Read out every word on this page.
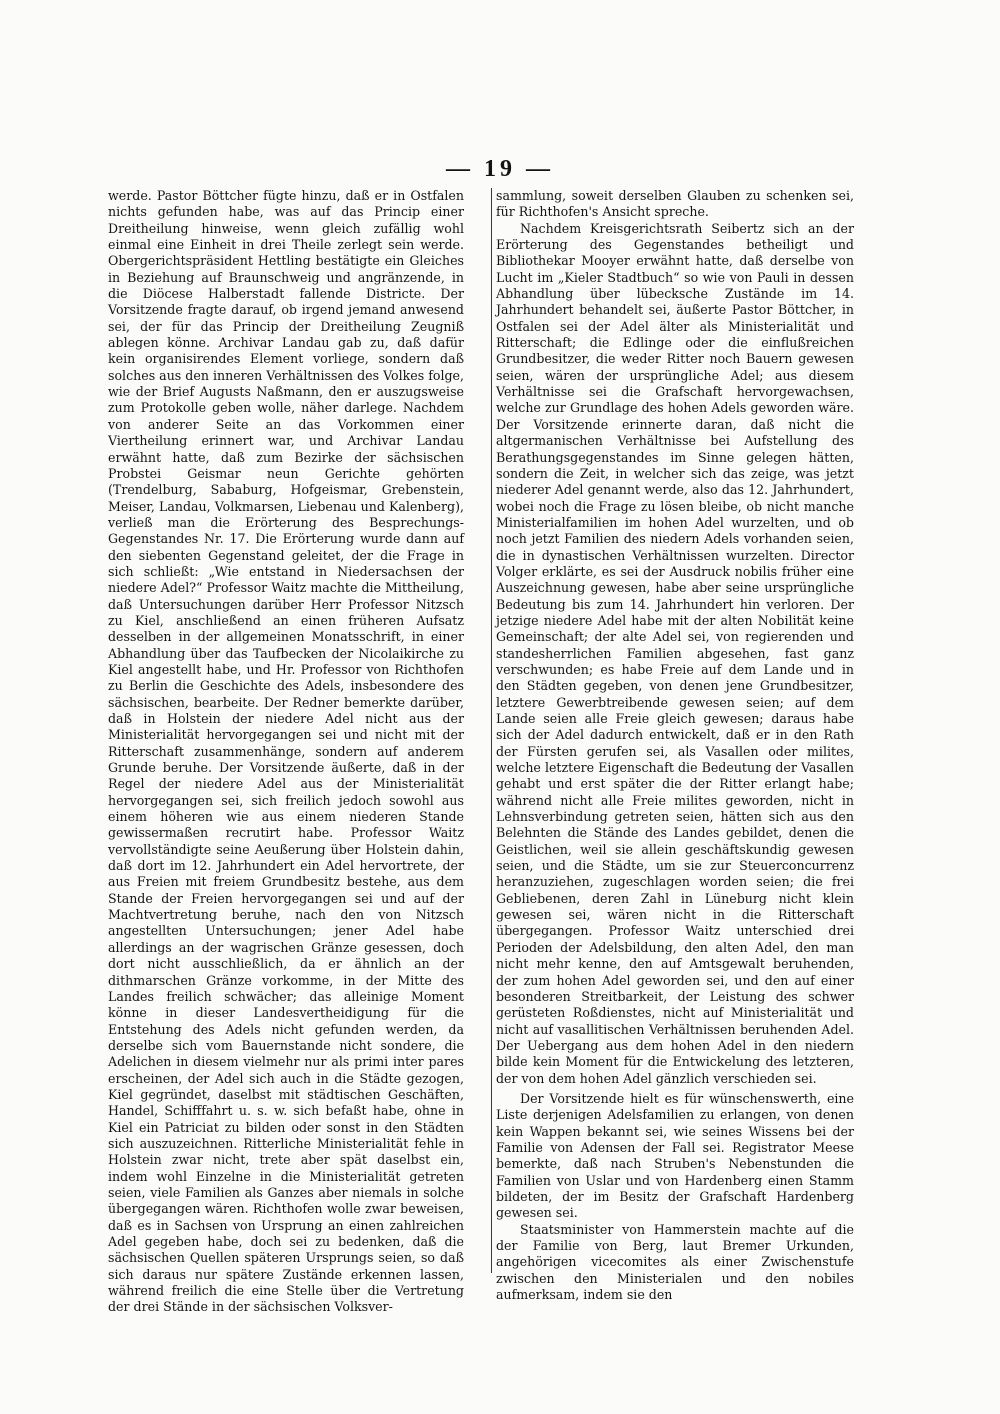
— 19 —

werde. Pastor Böttcher fügte hinzu, daß er in Ostfalen nichts gefunden habe, was auf das Princip einer Dreitheilung hinweise, wenn gleich zufällig wohl einmal eine Einheit in drei Theile zerlegt sein werde. Obergerichtspräsident Hettling bestätigte ein Gleiches in Beziehung auf Braunschweig und angränzende, in die Diöcese Halberstadt fallende Districte. Der Vorsitzende fragte darauf, ob irgend jemand anwesend sei, der für das Princip der Dreitheilung Zeugniß ablegen könne. Archivar Landau gab zu, daß dafür kein organisirendes Element vorliege, sondern daß solches aus den inneren Verhältnissen des Volkes folge, wie der Brief Augusts Naßmann, den er auszugsweise zum Protokolle geben wolle, näher darlege. Nachdem von anderer Seite an das Vorkommen einer Viertheilung erinnert war, und Archivar Landau erwähnt hatte, daß zum Bezirke der sächsischen Probstei Geismar neun Gerichte gehörten (Trendelburg, Sababurg, Hofgeismar, Grebenstein, Meiser, Landau, Volkmarsen, Liebenau und Kalenberg), verließ man die Erörterung des Besprechungs-Gegenstandes Nr. 17. Die Erörterung wurde dann auf den siebenten Gegenstand geleitet, der die Frage in sich schließt: „Wie entstand in Niedersachsen der niedere Adel?“ Professor Waitz machte die Mittheilung, daß Untersuchungen darüber Herr Professor Nitzsch zu Kiel, anschließend an einen früheren Aufsatz desselben in der allgemeinen Monatsschrift, in einer Abhandlung über das Taufbecken der Nicolaikirche zu Kiel angestellt habe, und Hr. Professor von Richthofen zu Berlin die Geschichte des Adels, insbesondere des sächsischen, bearbeite. Der Redner bemerkte darüber, daß in Holstein der niedere Adel nicht aus der Ministerialität hervorgegangen sei und nicht mit der Ritterschaft zusammenhänge, sondern auf anderem Grunde beruhe. Der Vorsitzende äußerte, daß in der Regel der niedere Adel aus der Ministerialität hervorgegangen sei, sich freilich jedoch sowohl aus einem höheren wie aus einem niederen Stande gewissermaßen recrutirt habe. Professor Waitz vervollständigte seine Aeußerung über Holstein dahin, daß dort im 12. Jahrhundert ein Adel hervortrete, der aus Freien mit freiem Grundbesitz bestehe, aus dem Stande der Freien hervorgegangen sei und auf der Machtvertretung beruhe, nach den von Nitzsch angestellten Untersuchungen; jener Adel habe allerdings an der wagrischen Gränze gesessen, doch dort nicht ausschließlich, da er ähnlich an der dithmarschen Gränze vorkomme, in der Mitte des Landes freilich schwächer; das alleinige Moment könne in dieser Landesvertheidigung für die Entstehung des Adels nicht gefunden werden, da derselbe sich vom Bauernstande nicht sondere, die Adelichen in diesem vielmehr nur als primi inter pares erscheinen, der Adel sich auch in die Städte gezogen, Kiel gegründet, daselbst mit städtischen Geschäften, Handel, Schifffahrt u. s. w. sich befaßt habe, ohne in Kiel ein Patriciat zu bilden oder sonst in den Städten sich auszuzeichnen. Ritterliche Ministerialität fehle in Holstein zwar nicht, trete aber spät daselbst ein, indem wohl Einzelne in die Ministerialität getreten seien, viele Familien als Ganzes aber niemals in solche übergegangen wären. Richthofen wolle zwar beweisen, daß es in Sachsen von Ursprung an einen zahlreichen Adel gegeben habe, doch sei zu bedenken, daß die sächsischen Quellen späteren Ursprungs seien, so daß sich daraus nur spätere Zustände erkennen lassen, während freilich die eine Stelle über die Vertretung der drei Stände in der sächsischen Volksver-

sammlung, soweit derselben Glauben zu schenken sei, für Richthofen's Ansicht spreche.

Nachdem Kreisgerichtsrath Seibertz sich an der Erörterung des Gegenstandes betheiligt und Bibliothekar Mooyer erwähnt hatte, daß derselbe von Lucht im „Kieler Stadtbuch“ so wie von Pauli in dessen Abhandlung über lübecksche Zustände im 14. Jahrhundert behandelt sei, äußerte Pastor Böttcher, in Ostfalen sei der Adel älter als Ministerialität und Ritterschaft; die Edlinge oder die einflußreichen Grundbesitzer, die weder Ritter noch Bauern gewesen seien, wären der ursprüngliche Adel; aus diesem Verhältnisse sei die Grafschaft hervorgewachsen, welche zur Grundlage des hohen Adels geworden wäre. Der Vorsitzende erinnerte daran, daß nicht die altgermanischen Verhältnisse bei Aufstellung des Berathungsgegenstandes im Sinne gelegen hätten, sondern die Zeit, in welcher sich das zeige, was jetzt niederer Adel genannt werde, also das 12. Jahrhundert, wobei noch die Frage zu lösen bleibe, ob nicht manche Ministerialfamilien im hohen Adel wurzelten, und ob noch jetzt Familien des niedern Adels vorhanden seien, die in dynastischen Verhältnissen wurzelten. Director Volger erklärte, es sei der Ausdruck nobilis früher eine Auszeichnung gewesen, habe aber seine ursprüngliche Bedeutung bis zum 14. Jahrhundert hin verloren. Der jetzige niedere Adel habe mit der alten Nobilität keine Gemeinschaft; der alte Adel sei, von regierenden und standesherrlichen Familien abgesehen, fast ganz verschwunden; es habe Freie auf dem Lande und in den Städten gegeben, von denen jene Grundbesitzer, letztere Gewerbtreibende gewesen seien; auf dem Lande seien alle Freie gleich gewesen; daraus habe sich der Adel dadurch entwickelt, daß er in den Rath der Fürsten gerufen sei, als Vasallen oder milites, welche letztere Eigenschaft die Bedeutung der Vasallen gehabt und erst später die der Ritter erlangt habe; während nicht alle Freie milites geworden, nicht in Lehnsverbindung getreten seien, hätten sich aus den Belehnten die Stände des Landes gebildet, denen die Geistlichen, weil sie allein geschäftskundig gewesen seien, und die Städte, um sie zur Steuerconcurrenz heranzuziehen, zugeschlagen worden seien; die frei Gebliebenen, deren Zahl in Lüneburg nicht klein gewesen sei, wären nicht in die Ritterschaft übergegangen. Professor Waitz unterschied drei Perioden der Adelsbildung, den alten Adel, den man nicht mehr kenne, den auf Amtsgewalt beruhenden, der zum hohen Adel geworden sei, und den auf einer besonderen Streitbarkeit, der Leistung des schwer gerüsteten Roßdienstes, nicht auf Ministerialität und nicht auf vasallitischen Verhältnissen beruhenden Adel. Der Uebergang aus dem hohen Adel in den niedern bilde kein Moment für die Entwickelung des letzteren, der von dem hohen Adel gänzlich verschieden sei.

Der Vorsitzende hielt es für wünschenswerth, eine Liste derjenigen Adelsfamilien zu erlangen, von denen kein Wappen bekannt sei, wie seines Wissens bei der Familie von Adensen der Fall sei. Registrator Meese bemerkte, daß nach Struben's Nebenstunden die Familien von Uslar und von Hardenberg einen Stamm bildeten, der im Besitz der Grafschaft Hardenberg gewesen sei.

Staatsminister von Hammerstein machte auf die der Familie von Berg, laut Bremer Urkunden, angehörigen vicecomites als einer Zwischenstufe zwischen den Ministerialen und den nobiles aufmerksam, indem sie den
